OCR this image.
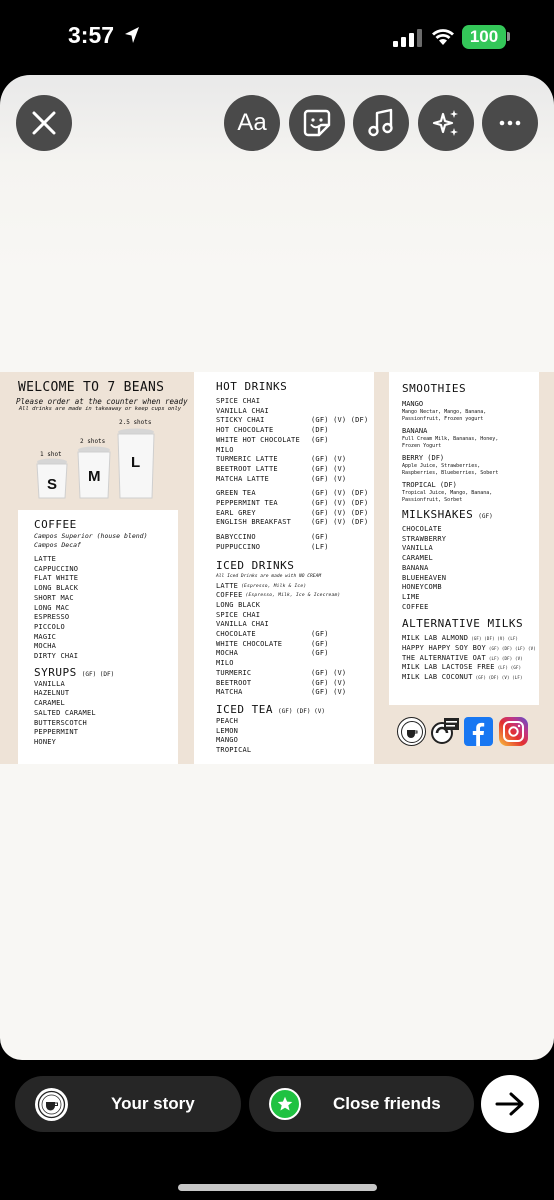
3:57	100
Aa
WELCOME TO 7 BEANS
Please order at the counter when ready
All drinks are made in takeaway or keep cups only
1 shot
2 shots
2.5 shots
S M
L
COFFEE
Campos Superior (house blend)
Campos Decaf
LATTE
CAPPUCCINO
FLAT WHITE
LONG BLACK
SHORT MAC
LONG MAC
ESPRESSO
PICCOLO
MAGIC
MOCHA
DIRTY CHAI
SYRUPS (GF) (DF)
VANILLA
HAZELNUT
CARAMEL
SALTED CARAMEL
BUTTERSCOTCH
PEPPERMINT
HONEY
HOT DRINKS
SPICE CHAI
VANILLA CHAI
STICKY CHAI	(GF) (V) (DF)
HOT CHOCOLATE	(DF)
WHITE HOT CHOCOLATE	(GF)
MILO
TURMERIC LATTE	(GF) (V)
BEETROOT LATTE	(GF) (V)
MATCHA LATTE	(GF) (V)
GREEN TEA	(GF) (V) (DF)
PEPPERMINT TEA	(GF) (V) (DF)
EARL GREY	(GF) (V) (DF)
ENGLISH BREAKFAST	(GF) (V) (DF)
BABYCCINO	(GF)
PUPPUCCINO	(LF)
ICED DRINKS
All Iced Drinks are made with NO CREAM
LATTE (Espresso, Milk & Ice)
COFFEE (Espresso, Milk, Ice & Icecream)
LONG BLACK
SPICE CHAI
VANILLA CHAI
CHOCOLATE	(GF)
WHITE CHOCOLATE	(GF)
MOCHA	(GF)
MILO
TURMERIC	(GF) (V)
BEETROOT	(GF) (V)
MATCHA	(GF) (V)
ICED TEA (GF) (DF) (V)
PEACH
LEMON
MANGO
TROPICAL
SMOOTHIES
MANGO
Mango Nectar, Mango, Banana,
Passionfruit, Frozen yogurt
BANANA
Full Cream Milk, Bananas, Honey,
Frozen Yogurt
BERRY (DF)
Apple Juice, Strawberries,
Raspberries, Blueberries, Sobert
TROPICAL (DF)
Tropical Juice, Mango, Banana,
Passionfruit, Sorbet
MILKSHAKES (GF)
CHOCOLATE
STRAWBERRY
VANILLA
CARAMEL
BANANA
BLUEHEAVEN
HONEYCOMB
LIME
COFFEE
ALTERNATIVE MILKS
MILK LAB ALMOND (GF) (DF) (V) (LF)
HAPPY HAPPY SOY BOY (GF) (DF) (LF) (V)
THE ALTERNATIVE OAT (LF) (DF) (V)
MILK LAB LACTOSE FREE (LF) (GF)
MILK LAB COCONUT (GF) (DF) (V) (LF)
Your story	Close friends
